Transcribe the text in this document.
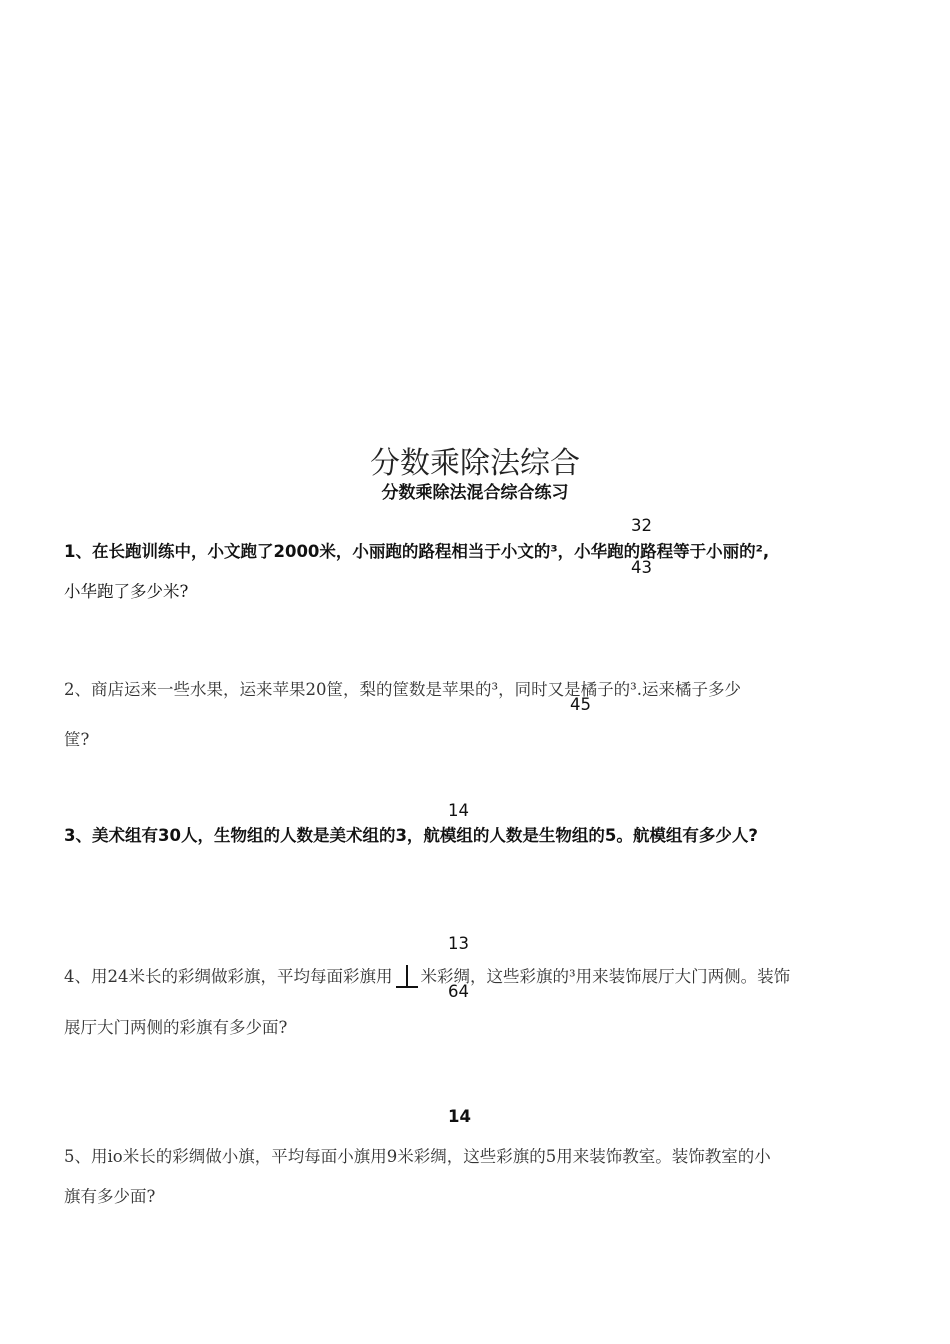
分数乘除法综合
分数乘除法混合综合练习
32
1、在长跑训练中，小文跑了2000米，小丽跑的路程相当于小文的³，小华跑的路程等于小丽的²,
43
小华跑了多少米?
2、商店运来一些水果，运来苹果20筐，梨的筐数是苹果的³，同时又是橘子的³.运来橘子多少
45
筐?
14
3、美术组有30人，生物组的人数是美术组的3，航模组的人数是生物组的5。航模组有多少人?
13
4、用24米长的彩绸做彩旗，平均每面彩旗用 米彩绸，这些彩旗的³用来装饰展厅大门两侧。装饰
64
展厅大门两侧的彩旗有多少面?
14
5、用io米长的彩绸做小旗，平均每面小旗用9米彩绸，这些彩旗的5用来装饰教室。装饰教室的小
旗有多少面?
